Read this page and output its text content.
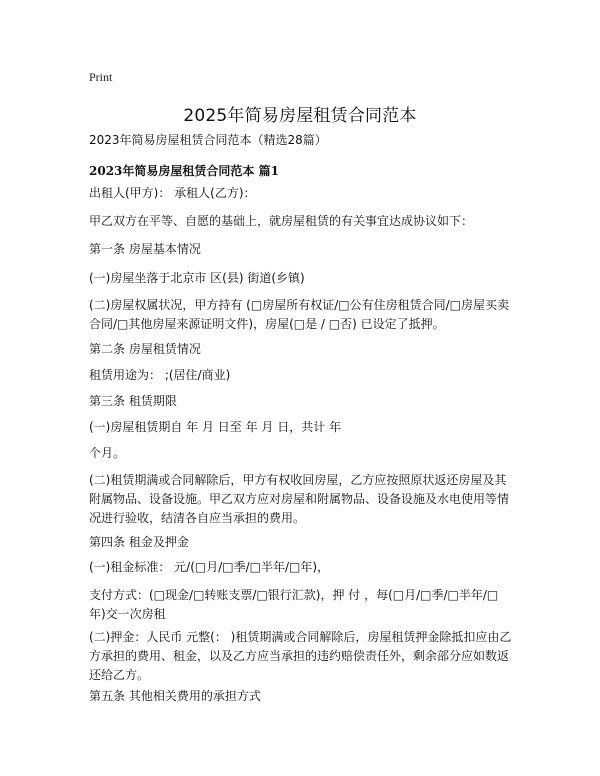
Print
2025年简易房屋租赁合同范本

2023年简易房屋租赁合同范本（精选28篇）

2023年简易房屋租赁合同范本 篇1

出租人(甲方)： 承租人(乙方)：

甲乙双方在平等、自愿的基础上，就房屋租赁的有关事宜达成协议如下：

第一条 房屋基本情况

(一)房屋坐落于北京市 区(县) 街道(乡镇)

(二)房屋权属状况，甲方持有 (□房屋所有权证/□公有住房租赁合同/□房屋买卖合同/□其他房屋来源证明文件)，房屋(□是 / □否) 已设定了抵押。

第二条 房屋租赁情况

租赁用途为： ;(居住/商业)

第三条 租赁期限

(一)房屋租赁期自 年 月 日至 年 月 日，共计 年

个月。

(二)租赁期满或合同解除后，甲方有权收回房屋，乙方应按照原状返还房屋及其附属物品、设备设施。甲乙双方应对房屋和附属物品、设备设施及水电使用等情况进行验收，结清各自应当承担的费用。

第四条 租金及押金

(一)租金标准： 元/(□月/□季/□半年/□年)，

支付方式：(□现金/□转账支票/□银行汇款)，押 付 ，每(□月/□季/□半年/□年)交一次房租

(二)押金：人民币 元整(： )租赁期满或合同解除后，房屋租赁押金除抵扣应由乙方承担的费用、租金，以及乙方应当承担的违约赔偿责任外，剩余部分应如数返还给乙方。

第五条 其他相关费用的承担方式
